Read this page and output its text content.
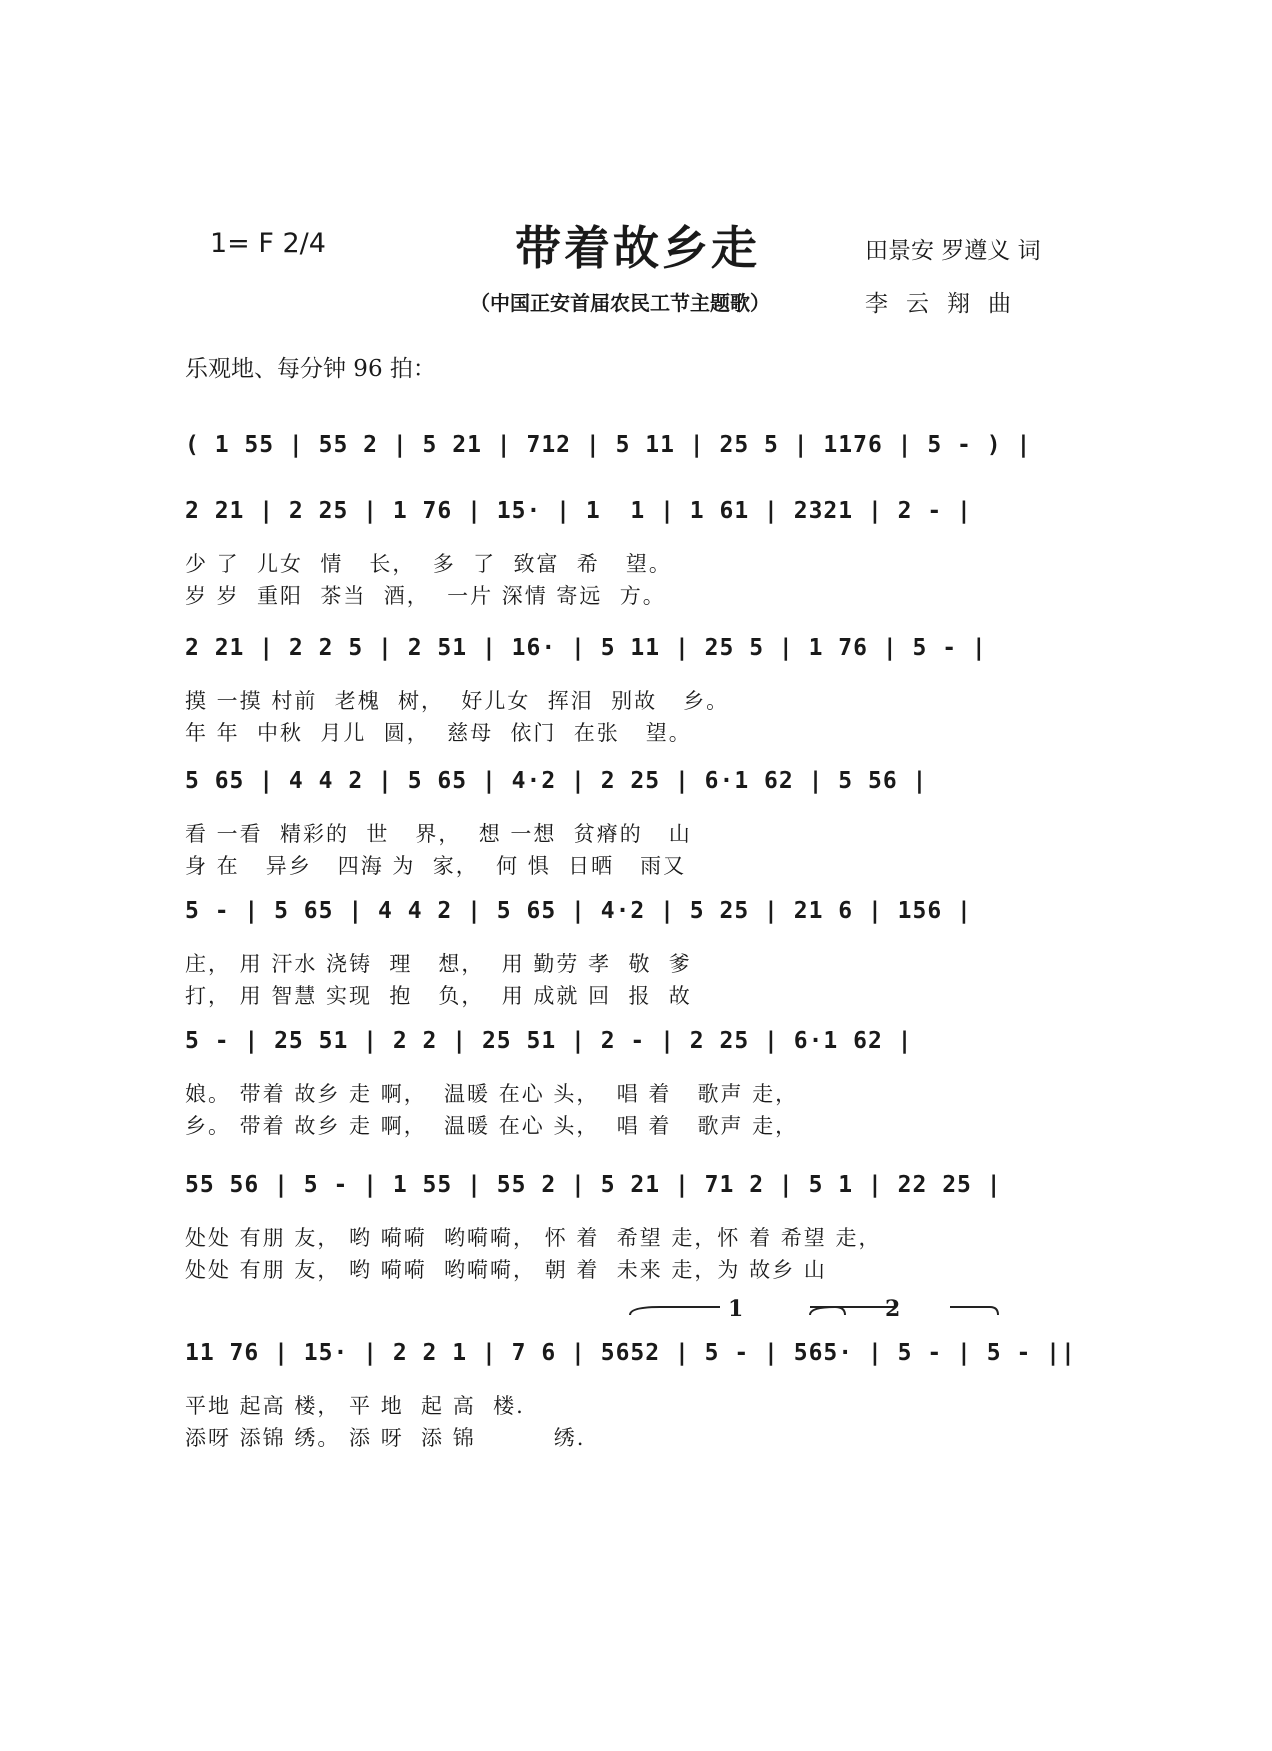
1= F 2/4	带着故乡走	田景安 罗遵义 词
（中国正安首届农民工节主题歌）	李云翔曲
乐观地、每分钟 96 拍：
1	2
( 1 55 | 55 2 | 5 21 | 712 | 5 11 | 25 5 | 1176 | 5 - ) |
2 21 | 2 25 | 1 76 | 15· | 1  1 | 1 61 | 2321 | 2 - |
少 了  儿女  情   长，  多  了  致富  希   望。
岁 岁  重阳  茶当  酒，  一片 深情 寄远  方。
2 21 | 2 2 5 | 2 51 | 16· | 5 11 | 25 5 | 1 76 | 5 - |
摸 一摸 村前  老槐  树，  好儿女  挥泪  别故   乡。
年 年  中秋  月儿  圆，  慈母  依门  在张   望。
5 65 | 4 4 2 | 5 65 | 4·2 | 2 25 | 6·1 62 | 5 56 |
看 一看  精彩的  世   界，  想 一想  贫瘠的   山
身 在   异乡   四海 为  家，  何 惧  日晒   雨又
5 - | 5 65 | 4 4 2 | 5 65 | 4·2 | 5 25 | 21 6 | 156 |
庄， 用 汗水 浇铸  理   想，  用 勤劳 孝  敬  爹
打， 用 智慧 实现  抱   负，  用 成就 回  报  故
5 - | 25 51 | 2 2 | 25 51 | 2 - | 2 25 | 6·1 62 |
娘。 带着 故乡 走 啊，  温暖 在心 头，  唱 着   歌声 走，
乡。 带着 故乡 走 啊，  温暖 在心 头，  唱 着   歌声 走，
55 56 | 5 - | 1 55 | 55 2 | 5 21 | 71 2 | 5 1 | 22 25 |
处处 有朋 友， 哟 嗬嗬  哟嗬嗬， 怀 着  希望 走，怀 着 希望 走，
处处 有朋 友， 哟 嗬嗬  哟嗬嗬， 朝 着  未来 走，为 故乡 山
11 76 | 15· | 2 2 1 | 7 6 | 5652 | 5 - | 565· | 5 - | 5 - ||
平地 起高 楼， 平 地  起 高  楼.
添呀 添锦 绣。 添 呀  添 锦         绣.
